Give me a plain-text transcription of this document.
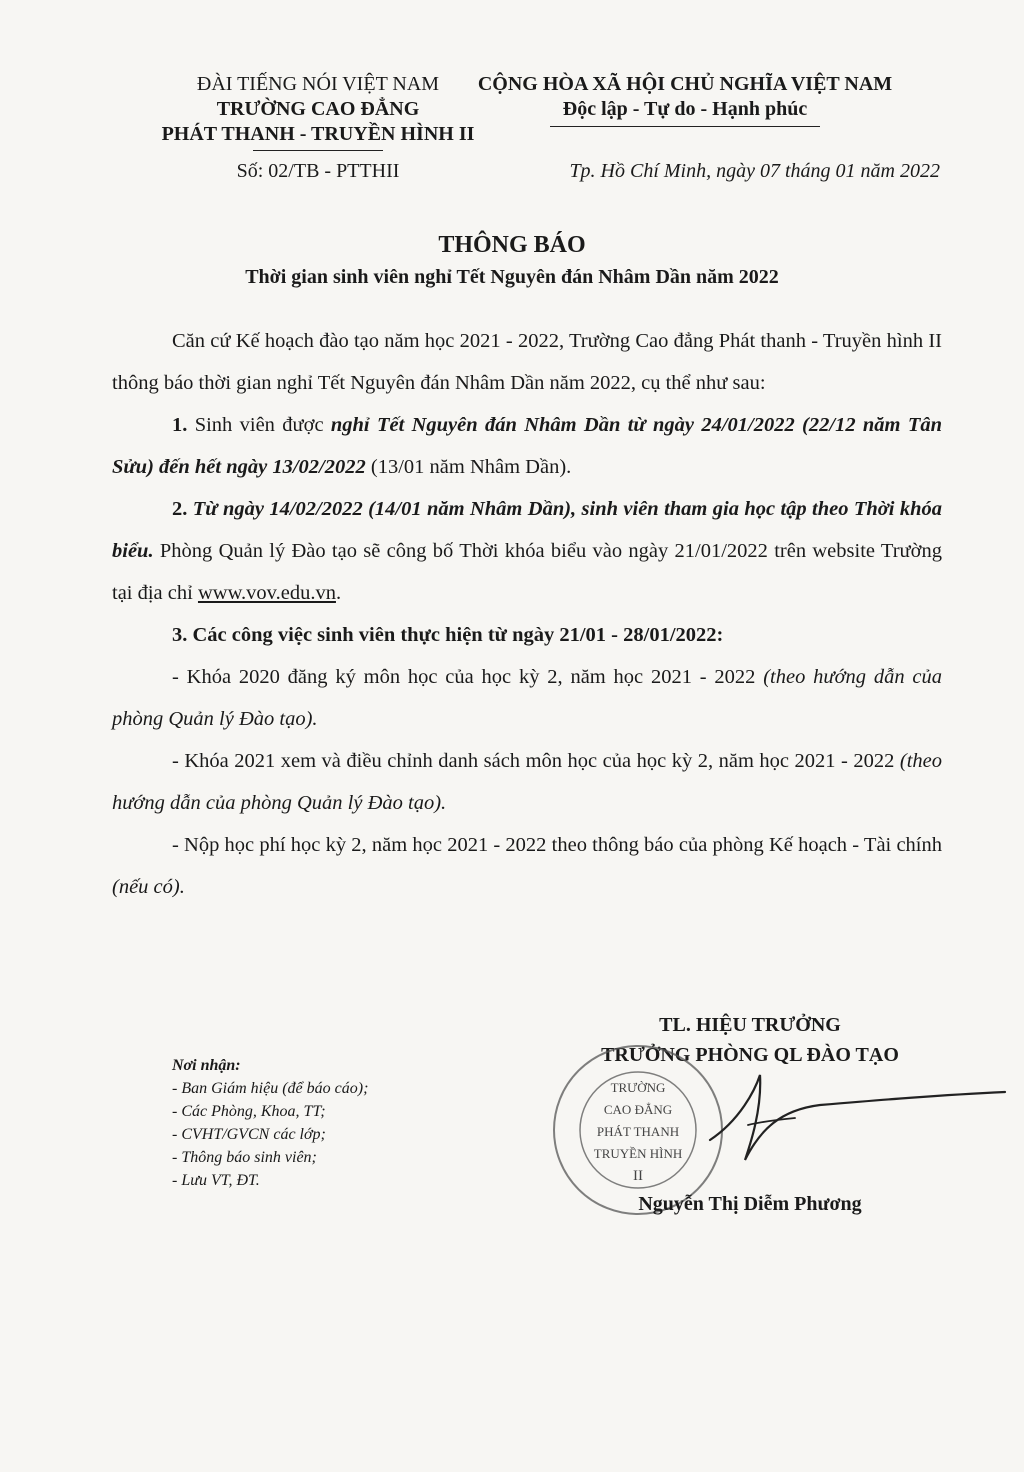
ĐÀI TIẾNG NÓI VIỆT NAM
TRƯỜNG CAO ĐẲNG
PHÁT THANH - TRUYỀN HÌNH II
CỘNG HÒA XÃ HỘI CHỦ NGHĨA VIỆT NAM
Độc lập - Tự do - Hạnh phúc
Số: 02/TB - PTTHII	Tp. Hồ Chí Minh, ngày 07 tháng 01 năm 2022
THÔNG BÁO
Thời gian sinh viên nghỉ Tết Nguyên đán Nhâm Dần năm 2022

Căn cứ Kế hoạch đào tạo năm học 2021 - 2022, Trường Cao đẳng Phát thanh - Truyền hình II thông báo thời gian nghỉ Tết Nguyên đán Nhâm Dần năm 2022, cụ thể như sau:

1. Sinh viên được nghỉ Tết Nguyên đán Nhâm Dần từ ngày 24/01/2022 (22/12 năm Tân Sửu) đến hết ngày 13/02/2022 (13/01 năm Nhâm Dần).

2. Từ ngày 14/02/2022 (14/01 năm Nhâm Dần), sinh viên tham gia học tập theo Thời khóa biểu. Phòng Quản lý Đào tạo sẽ công bố Thời khóa biểu vào ngày 21/01/2022 trên website Trường tại địa chỉ www.vov.edu.vn.

3. Các công việc sinh viên thực hiện từ ngày 21/01 - 28/01/2022:

- Khóa 2020 đăng ký môn học của học kỳ 2, năm học 2021 - 2022 (theo hướng dẫn của phòng Quản lý Đào tạo).

- Khóa 2021 xem và điều chỉnh danh sách môn học của học kỳ 2, năm học 2021 - 2022 (theo hướng dẫn của phòng Quản lý Đào tạo).

- Nộp học phí học kỳ 2, năm học 2021 - 2022 theo thông báo của phòng Kế hoạch - Tài chính (nếu có).

TL. HIỆU TRƯỞNG
TRƯỞNG PHÒNG QL ĐÀO TẠO
TRƯỜNG
CAO ĐẲNG
PHÁT THANH
TRUYỀN HÌNH
II
Nguyễn Thị Diễm Phương
Nơi nhận:
- Ban Giám hiệu (để báo cáo);
- Các Phòng, Khoa, TT;
- CVHT/GVCN các lớp;
- Thông báo sinh viên;
- Lưu VT, ĐT.
